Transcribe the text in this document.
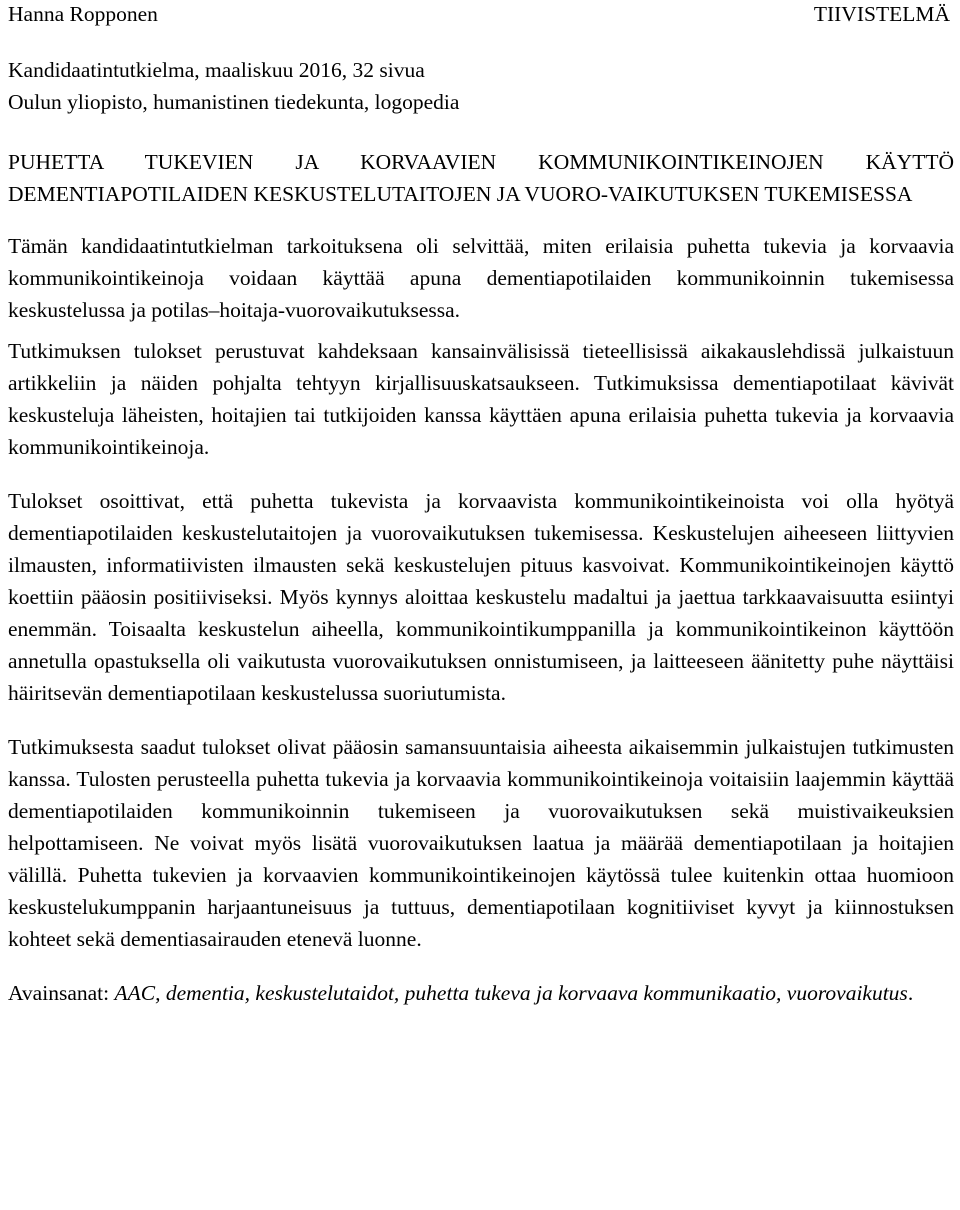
Hanna Ropponen	TIIVISTELMÄ
Kandidaatintutkielma, maaliskuu 2016, 32 sivua
Oulun yliopisto, humanistinen tiedekunta, logopedia
PUHETTA TUKEVIEN JA KORVAAVIEN KOMMUNIKOINTIKEINOJEN KÄYTTÖ DEMENTIAPOTILAIDEN KESKUSTELUTAITOJEN JA VUORO-VAIKUTUKSEN TUKEMISESSA

Tämän kandidaatintutkielman tarkoituksena oli selvittää, miten erilaisia puhetta tukevia ja korvaavia kommunikointikeinoja voidaan käyttää apuna dementiapotilaiden kommunikoinnin tukemisessa keskustelussa ja potilas–hoitaja-vuorovaikutuksessa.

Tutkimuksen tulokset perustuvat kahdeksaan kansainvälisissä tieteellisissä aikakauslehdissä julkaistuun artikkeliin ja näiden pohjalta tehtyyn kirjallisuuskatsaukseen. Tutkimuksissa dementiapotilaat kävivät keskusteluja läheisten, hoitajien tai tutkijoiden kanssa käyttäen apuna erilaisia puhetta tukevia ja korvaavia kommunikointikeinoja.

Tulokset osoittivat, että puhetta tukevista ja korvaavista kommunikointikeinoista voi olla hyötyä dementiapotilaiden keskustelutaitojen ja vuorovaikutuksen tukemisessa. Keskustelujen aiheeseen liittyvien ilmausten, informatiivisten ilmausten sekä keskustelujen pituus kasvoivat. Kommunikointikeinojen käyttö koettiin pääosin positiiviseksi. Myös kynnys aloittaa keskustelu madaltui ja jaettua tarkkaavaisuutta esiintyi enemmän. Toisaalta keskustelun aiheella, kommunikointikumppanilla ja kommunikointikeinon käyttöön annetulla opastuksella oli vaikutusta vuorovaikutuksen onnistumiseen, ja laitteeseen äänitetty puhe näyttäisi häiritsevän dementiapotilaan keskustelussa suoriutumista.

Tutkimuksesta saadut tulokset olivat pääosin samansuuntaisia aiheesta aikaisemmin julkaistujen tutkimusten kanssa. Tulosten perusteella puhetta tukevia ja korvaavia kommunikointikeinoja voitaisiin laajemmin käyttää dementiapotilaiden kommunikoinnin tukemiseen ja vuorovaikutuksen sekä muistivaikeuksien helpottamiseen. Ne voivat myös lisätä vuorovaikutuksen laatua ja määrää dementiapotilaan ja hoitajien välillä. Puhetta tukevien ja korvaavien kommunikointikeinojen käytössä tulee kuitenkin ottaa huomioon keskustelukumppanin harjaantuneisuus ja tuttuus, dementiapotilaan kognitiiviset kyvyt ja kiinnostuksen kohteet sekä dementiasairauden etenevä luonne.

Avainsanat: AAC, dementia, keskustelutaidot, puhetta tukeva ja korvaava kommunikaatio, vuorovaikutus.
